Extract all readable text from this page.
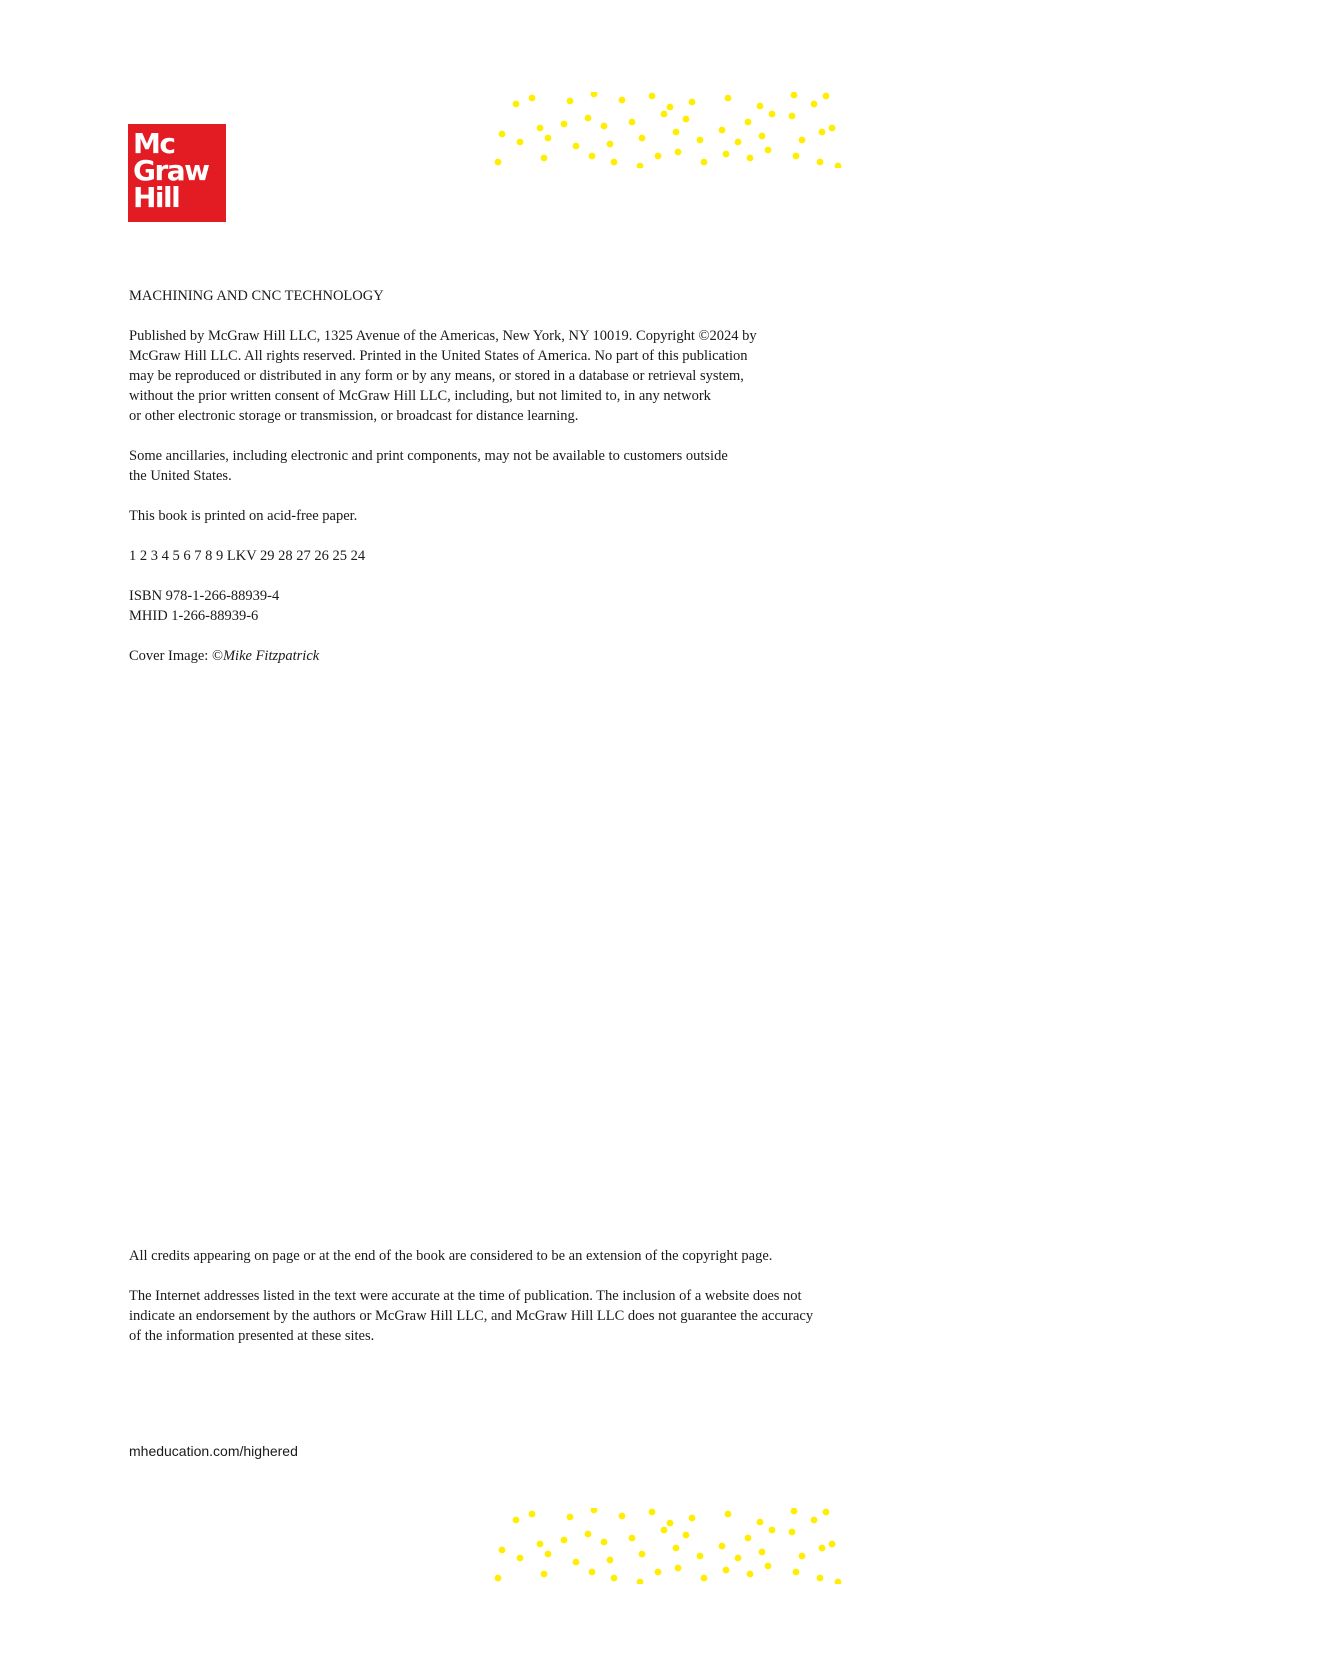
Mc
Graw
Hill

MACHINING AND CNC TECHNOLOGY

Published by McGraw Hill LLC, 1325 Avenue of the Americas, New York, NY 10019. Copyright ©2024 by

McGraw Hill LLC. All rights reserved. Printed in the United States of America. No part of this publication

may be reproduced or distributed in any form or by any means, or stored in a database or retrieval system,

without the prior written consent of McGraw Hill LLC, including, but not limited to, in any network

or other electronic storage or transmission, or broadcast for distance learning.

Some ancillaries, including electronic and print components, may not be available to customers outside

the United States.

This book is printed on acid-free paper.

1 2 3 4 5 6 7 8 9 LKV 29 28 27 26 25 24

ISBN 978-1-266-88939-4

MHID 1-266-88939-6

Cover Image: ©Mike Fitzpatrick

All credits appearing on page or at the end of the book are considered to be an extension of the copyright page.

The Internet addresses listed in the text were accurate at the time of publication. The inclusion of a website does not

indicate an endorsement by the authors or McGraw Hill LLC, and McGraw Hill LLC does not guarantee the accuracy

of the information presented at these sites.

mheducation.com/highered
